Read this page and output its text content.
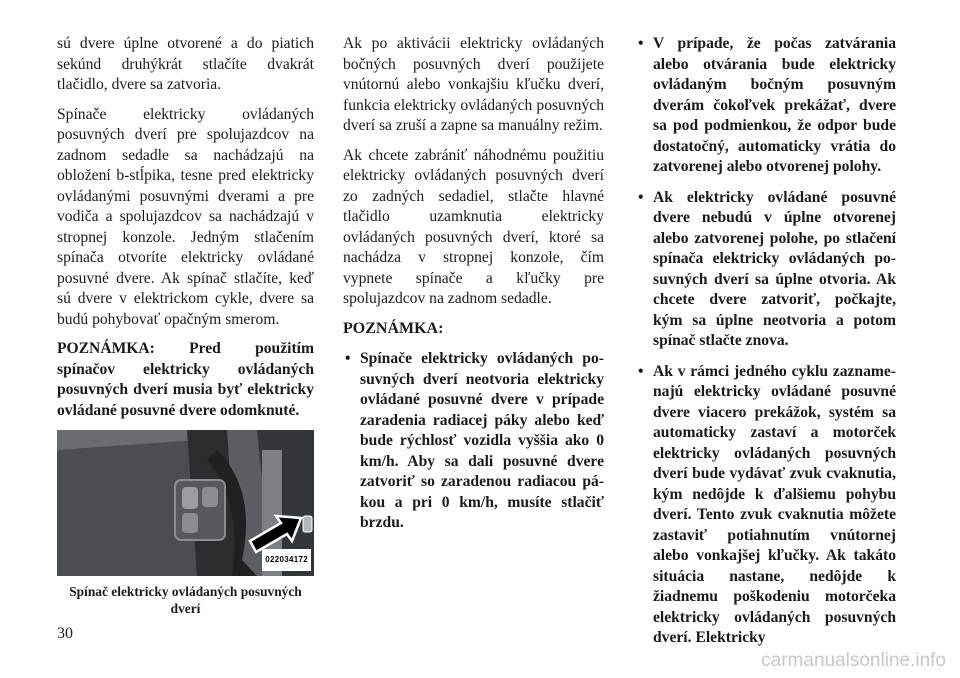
sú dvere úplne otvorené a do piatich sekúnd druhýkrát stlačíte dvakrát tlačidlo, dvere sa zatvoria.

Spínače elektricky ovládaných posuvných dverí pre spolujazdcov na zadnom sedadle sa nachádzajú na obložení b-stĺpika, tesne pred elektricky ovládanými posuvnými dverami a pre vodiča a spolujazdcov sa nachádzajú v stropnej konzole. Jedným stlačením spínača otvoríte elektricky ovládané posuvné dvere. Ak spínač stlačíte, keď sú dvere v elektrickom cykle, dvere sa budú pohybovať opačným smerom.

POZNÁMKA: Pred použitím spínačov elektricky ovládaných posuvných dverí musia byť elektricky ovládané posuvné dvere odomknuté.

022034172
Spínač elektricky ovládaných posuvných dverí

Ak po aktivácii elektricky ovládaných bočných posuvných dverí použijete vnútornú alebo vonkajšiu kľučku dverí, funkcia elektricky ovládaných posuvných dverí sa zruší a zapne sa manuálny režim.

Ak chcete zabrániť náhodnému použitiu elektricky ovládaných posuvných dverí zo zadných sedadiel, stlačte hlavné tlačidlo uzamknutia elektricky ovládaných posuvných dverí, ktoré sa nachádza v stropnej konzole, čím vypnete spínače a kľučky pre spolujazdcov na zadnom sedadle.

POZNÁMKA:
• Spínače elektricky ovládaných posuvných dverí neotvoria elektricky ovládané posuvné dvere v prípade zaradenia radiacej páky alebo keď bude rýchlosť vozidla vyššia ako 0 km/h. Aby sa dali posuvné dvere zatvoriť so zaradenou radiacou pákou a pri 0 km/h, musíte stlačiť brzdu.
• V prípade, že počas zatvárania alebo otvárania bude elektricky ovládaným bočným posuvným dverám čokoľvek prekážať, dvere sa pod podmienkou, že odpor bude dostatočný, automaticky vrátia do zatvorenej alebo otvorenej polohy.
• Ak elektricky ovládané posuvné dvere nebudú v úplne otvorenej alebo zatvorenej polohe, po stlačení spínača elektricky ovládaných posuvných dverí sa úplne otvoria. Ak chcete dvere zatvoriť, počkajte, kým sa úplne neotvoria a potom spínač stlačte znova.
• Ak v rámci jedného cyklu zaznamenajú elektricky ovládané posuvné dvere viacero prekážok, systém sa automaticky zastaví a motorček elektricky ovládaných posuvných dverí bude vydávať zvuk cvaknutia, kým nedôjde k ďalšiemu pohybu dverí. Tento zvuk cvaknutia môžete zastaviť potiahnutím vnútornej alebo vonkajšej kľučky. Ak takáto situácia nastane, nedôjde k žiadnemu poškodeniu motorčeka elektricky ovládaných posuvných dverí. Elektricky
30
carmanualsonline.info
